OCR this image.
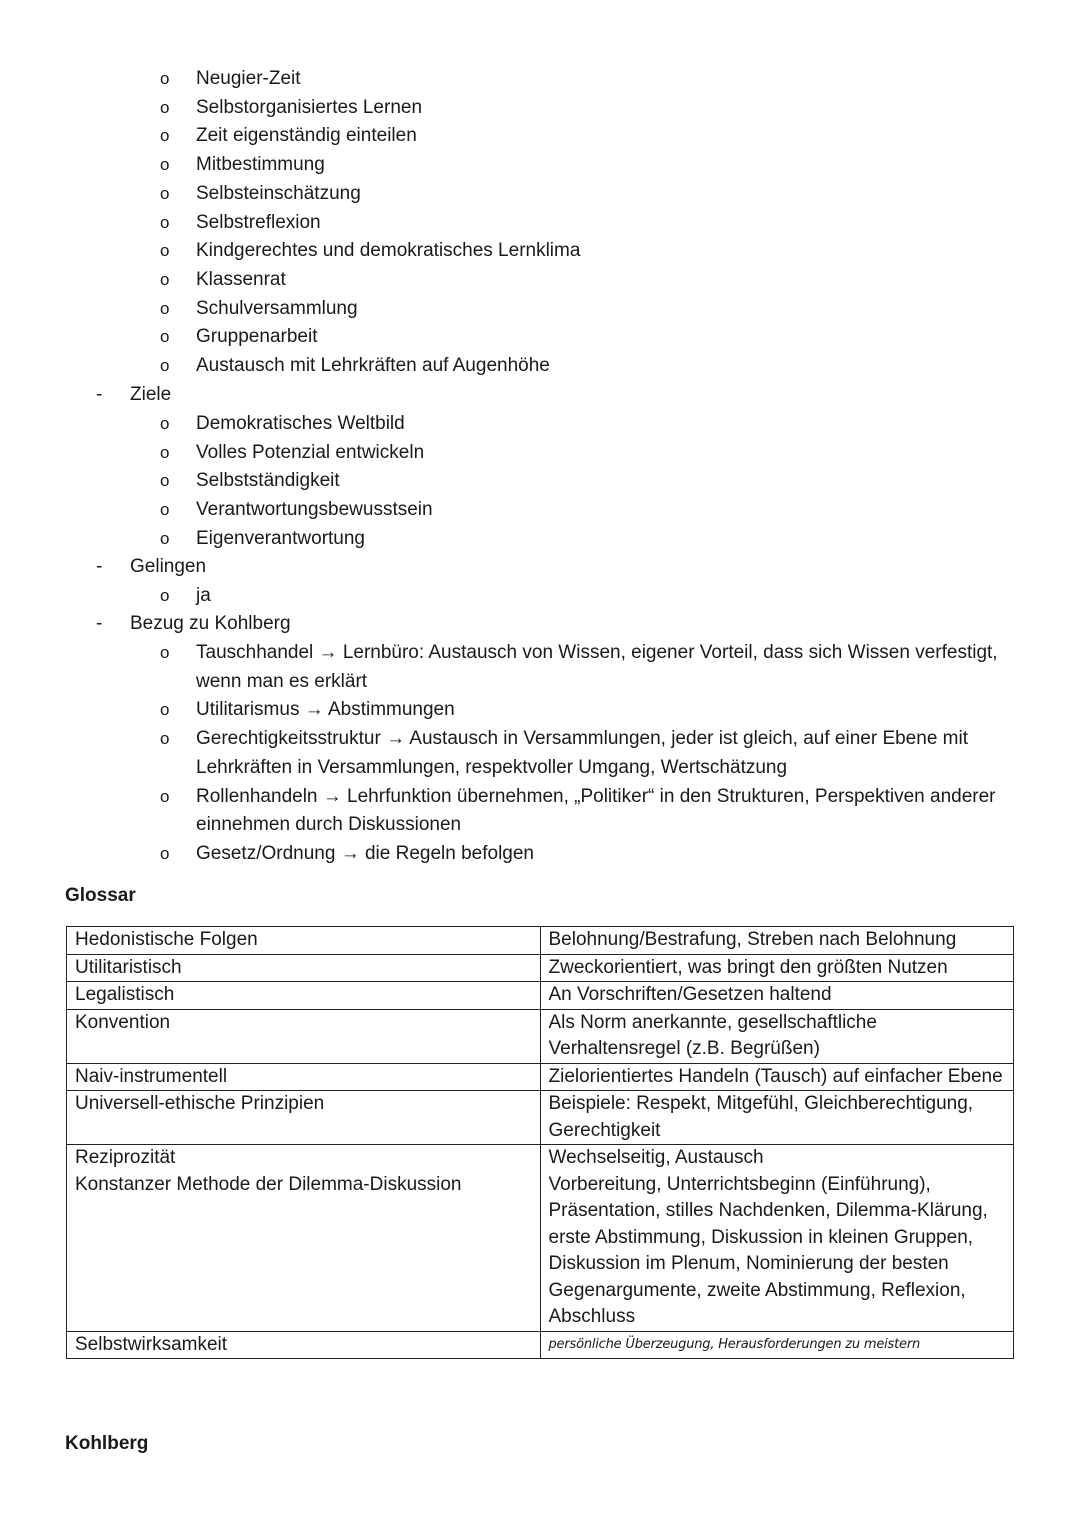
o	Neugier-Zeit
o	Selbstorganisiertes Lernen
o	Zeit eigenständig einteilen
o	Mitbestimmung
o	Selbsteinschätzung
o	Selbstreflexion
o	Kindgerechtes und demokratisches Lernklima
o	Klassenrat
o	Schulversammlung
o	Gruppenarbeit
o	Austausch mit Lehrkräften auf Augenhöhe
-	Ziele
o	Demokratisches Weltbild
o	Volles Potenzial entwickeln
o	Selbstständigkeit
o	Verantwortungsbewusstsein
o	Eigenverantwortung
-	Gelingen
o	ja
-	Bezug zu Kohlberg
o	Tauschhandel → Lernbüro: Austausch von Wissen, eigener Vorteil, dass sich Wissen verfestigt, wenn man es erklärt
o	Utilitarismus → Abstimmungen
o	Gerechtigkeitsstruktur → Austausch in Versammlungen, jeder ist gleich, auf einer Ebene mit Lehrkräften in Versammlungen, respektvoller Umgang, Wertschätzung
o	Rollenhandeln → Lehrfunktion übernehmen, „Politiker“ in den Strukturen, Perspektiven anderer einnehmen durch Diskussionen
o	Gesetz/Ordnung → die Regeln befolgen
Glossar
Hedonistische Folgen	Belohnung/Bestrafung, Streben nach Belohnung
Utilitaristisch	Zweckorientiert, was bringt den größten Nutzen
Legalistisch	An Vorschriften/Gesetzen haltend
Konvention	Als Norm anerkannte, gesellschaftliche Verhaltensregel (z.B. Begrüßen)
Naiv-instrumentell	Zielorientiertes Handeln (Tausch) auf einfacher Ebene
Universell-ethische Prinzipien	Beispiele: Respekt, Mitgefühl, Gleichberechtigung, Gerechtigkeit
Reziprozität	Wechselseitig, Austausch
Konstanzer Methode der Dilemma-Diskussion	Vorbereitung, Unterrichtsbeginn (Einführung), Präsentation, stilles Nachdenken, Dilemma-Klärung, erste Abstimmung, Diskussion in kleinen Gruppen, Diskussion im Plenum, Nominierung der besten Gegenargumente, zweite Abstimmung, Reflexion, Abschluss
Selbstwirksamkeit	persönliche Überzeugung, Herausforderungen zu meistern
Kohlberg
